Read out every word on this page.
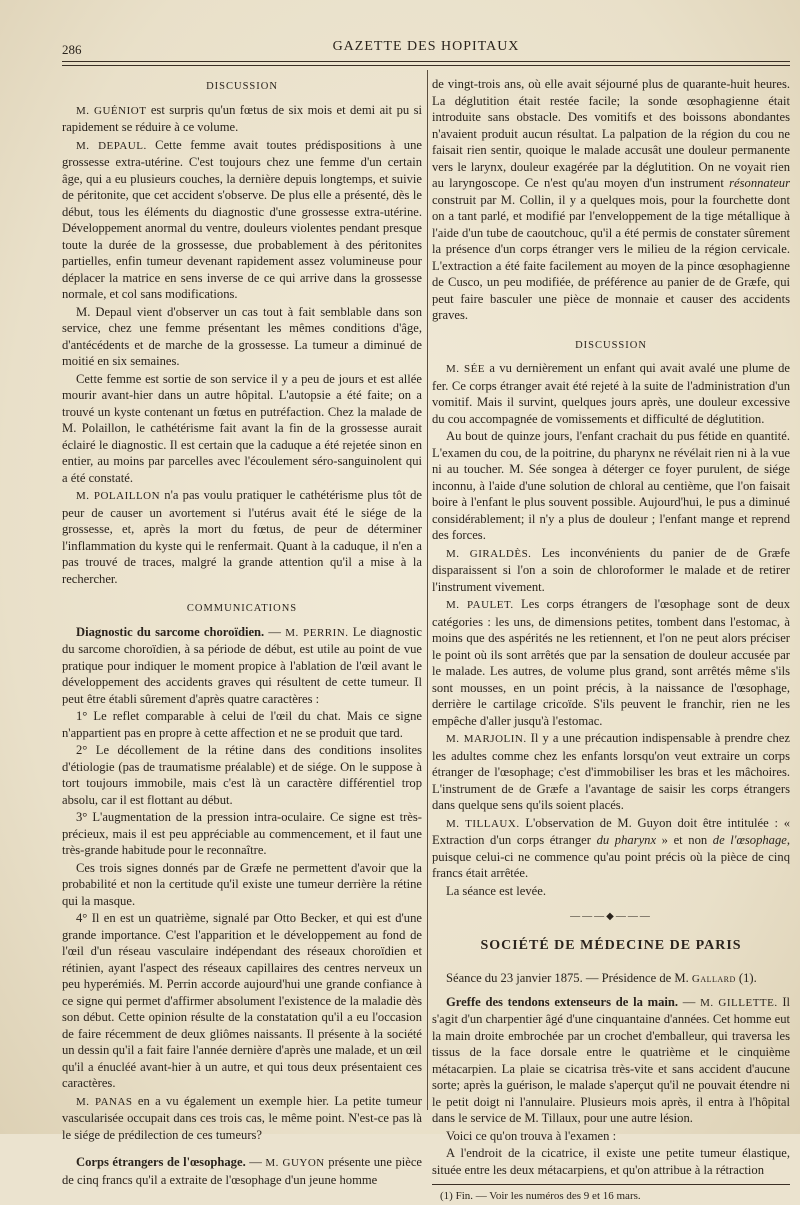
286	GAZETTE DES HOPITAUX
DISCUSSION

M. GUÉNIOT est surpris qu'un fœtus de six mois et demi ait pu si rapidement se réduire à ce volume.

M. DEPAUL. Cette femme avait toutes prédispositions à une grossesse extra-utérine. C'est toujours chez une femme d'un certain âge, qui a eu plusieurs couches, la dernière depuis longtemps, et suivie de péritonite, que cet accident s'observe. De plus elle a présenté, dès le début, tous les éléments du diagnostic d'une grossesse extra-utérine. Développement anormal du ventre, douleurs violentes pendant presque toute la durée de la grossesse, due probablement à des péritonites partielles, enfin tumeur devenant rapidement assez volumineuse pour déplacer la matrice en sens inverse de ce qui arrive dans la grossesse normale, et col sans modifications.

M. Depaul vient d'observer un cas tout à fait semblable dans son service, chez une femme présentant les mêmes conditions d'âge, d'antécédents et de marche de la grossesse. La tumeur a diminué de moitié en six semaines.

Cette femme est sortie de son service il y a peu de jours et est allée mourir avant-hier dans un autre hôpital. L'autopsie a été faite; on a trouvé un kyste contenant un fœtus en putréfaction. Chez la malade de M. Polaillon, le cathétérisme fait avant la fin de la grossesse aurait éclairé le diagnostic. Il est certain que la caduque a été rejetée sinon en entier, au moins par parcelles avec l'écoulement séro-sanguinolent qui a été constaté.

M. POLAILLON n'a pas voulu pratiquer le cathétérisme plus tôt de peur de causer un avortement si l'utérus avait été le siége de la grossesse, et, après la mort du fœtus, de peur de déterminer l'inflammation du kyste qui le renfermait. Quant à la caduque, il n'en a pas trouvé de traces, malgré la grande attention qu'il a mise à la rechercher.

COMMUNICATIONS

Diagnostic du sarcome choroïdien. — M. PERRIN. Le diagnostic du sarcome choroïdien, à sa période de début, est utile au point de vue pratique pour indiquer le moment propice à l'ablation de l'œil avant le développement des accidents graves qui résultent de cette tumeur. Il peut être établi sûrement d'après quatre caractères :

1° Le reflet comparable à celui de l'œil du chat. Mais ce signe n'appartient pas en propre à cette affection et ne se produit que tard.

2° Le décollement de la rétine dans des conditions insolites d'étiologie (pas de traumatisme préalable) et de siége. On le suppose à tort toujours immobile, mais c'est là un caractère différentiel trop absolu, car il est flottant au début.

3° L'augmentation de la pression intra-oculaire. Ce signe est très-précieux, mais il est peu appréciable au commencement, et il faut une très-grande habitude pour le reconnaître.

Ces trois signes donnés par de Græfe ne permettent d'avoir que la probabilité et non la certitude qu'il existe une tumeur derrière la rétine qui la masque.

4° Il en est un quatrième, signalé par Otto Becker, et qui est d'une grande importance. C'est l'apparition et le développement au fond de l'œil d'un réseau vasculaire indépendant des réseaux choroïdien et rétinien, ayant l'aspect des réseaux capillaires des centres nerveux un peu hyperémiés. M. Perrin accorde aujourd'hui une grande confiance à ce signe qui permet d'affirmer absolument l'existence de la maladie dès son début. Cette opinion résulte de la constatation qu'il a eu l'occasion de faire récemment de deux gliômes naissants. Il présente à la société un dessin qu'il a fait faire l'année dernière d'après une malade, et un œil qu'il a énucléé avant-hier à un autre, et qui tous deux présentaient ces caractères.

M. PANAS en a vu également un exemple hier. La petite tumeur vascularisée occupait dans ces trois cas, le même point. N'est-ce pas là le siége de prédilection de ces tumeurs?

Corps étrangers de l'œsophage. — M. GUYON présente une pièce de cinq francs qu'il a extraite de l'œsophage d'un jeune homme

de vingt-trois ans, où elle avait séjourné plus de quarante-huit heures. La déglutition était restée facile; la sonde œsophagienne était introduite sans obstacle. Des vomitifs et des boissons abondantes n'avaient produit aucun résultat. La palpation de la région du cou ne faisait rien sentir, quoique le malade accusât une douleur permanente vers le larynx, douleur exagérée par la déglutition. On ne voyait rien au laryngoscope. Ce n'est qu'au moyen d'un instrument résonnateur construit par M. Collin, il y a quelques mois, pour la fourchette dont on a tant parlé, et modifié par l'enveloppement de la tige métallique à l'aide d'un tube de caoutchouc, qu'il a été permis de constater sûrement la présence d'un corps étranger vers le milieu de la région cervicale. L'extraction a été faite facilement au moyen de la pince œsophagienne de Cusco, un peu modifiée, de préférence au panier de de Græfe, qui peut faire basculer une pièce de monnaie et causer des accidents graves.

DISCUSSION

M. SÉE a vu dernièrement un enfant qui avait avalé une plume de fer. Ce corps étranger avait été rejeté à la suite de l'administration d'un vomitif. Mais il survint, quelques jours après, une douleur excessive du cou accompagnée de vomissements et difficulté de déglutition.

Au bout de quinze jours, l'enfant crachait du pus fétide en quantité. L'examen du cou, de la poitrine, du pharynx ne révélait rien ni à la vue ni au toucher. M. Sée songea à déterger ce foyer purulent, de siége inconnu, à l'aide d'une solution de chloral au centième, que l'on faisait boire à l'enfant le plus souvent possible. Aujourd'hui, le pus a diminué considérablement; il n'y a plus de douleur ; l'enfant mange et reprend des forces.

M. GIRALDÈS. Les inconvénients du panier de de Græfe disparaissent si l'on a soin de chloroformer le malade et de retirer l'instrument vivement.

M. PAULET. Les corps étrangers de l'œsophage sont de deux catégories : les uns, de dimensions petites, tombent dans l'estomac, à moins que des aspérités ne les retiennent, et l'on ne peut alors préciser le point où ils sont arrêtés que par la sensation de douleur accusée par le malade. Les autres, de volume plus grand, sont arrêtés même s'ils sont mousses, en un point précis, à la naissance de l'œsophage, derrière le cartilage cricoïde. S'ils peuvent le franchir, rien ne les empêche d'aller jusqu'à l'estomac.

M. MARJOLIN. Il y a une précaution indispensable à prendre chez les adultes comme chez les enfants lorsqu'on veut extraire un corps étranger de l'œsophage; c'est d'immobiliser les bras et les mâchoires. L'instrument de de Græfe a l'avantage de saisir les corps étrangers dans quelque sens qu'ils soient placés.

M. TILLAUX. L'observation de M. Guyon doit être intitulée : « Extraction d'un corps étranger du pharynx » et non de l'œsophage, puisque celui-ci ne commence qu'au point précis où la pièce de cinq francs était arrêtée.

La séance est levée.

———◆———
SOCIÉTÉ DE MÉDECINE DE PARIS

Séance du 23 janvier 1875. — Présidence de M. Gallard (1).

Greffe des tendons extenseurs de la main. — M. GILLETTE. Il s'agit d'un charpentier âgé d'une cinquantaine d'années. Cet homme eut la main droite embrochée par un crochet d'emballeur, qui traversa les tissus de la face dorsale entre le quatrième et le cinquième métacarpien. La plaie se cicatrisa très-vite et sans accident d'aucune sorte; après la guérison, le malade s'aperçut qu'il ne pouvait étendre ni le petit doigt ni l'annulaire. Plusieurs mois après, il entra à l'hôpital dans le service de M. Tillaux, pour une autre lésion.

Voici ce qu'on trouva à l'examen :

A l'endroit de la cicatrice, il existe une petite tumeur élastique, située entre les deux métacarpiens, et qu'on attribue à la rétraction

(1) Fin. — Voir les numéros des 9 et 16 mars.
